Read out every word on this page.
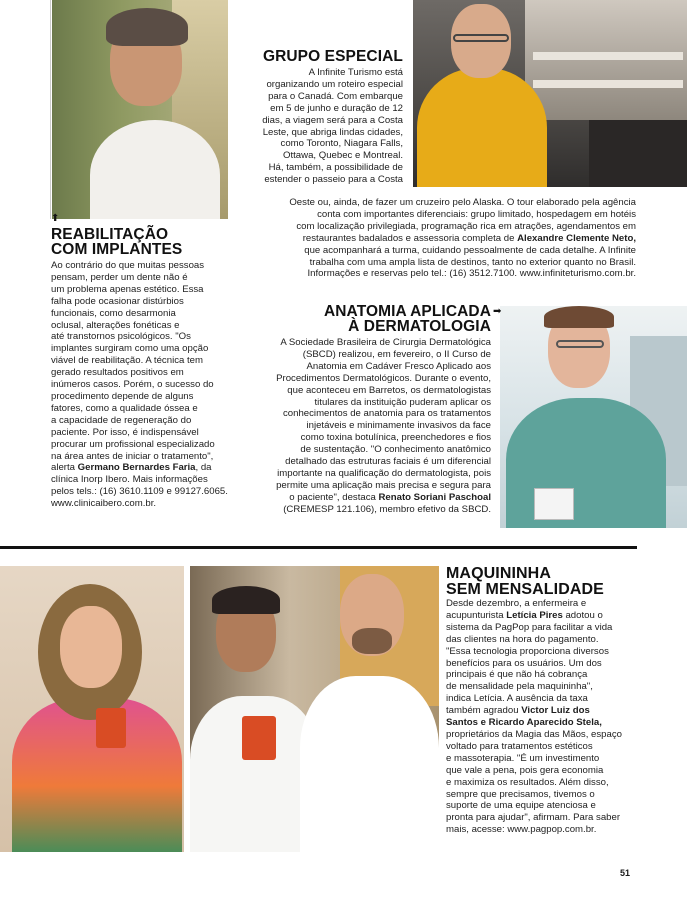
⬆
REABILITAÇÃO
COM IMPLANTES
Ao contrário do que muitas pessoas
pensam, perder um dente não é
um problema apenas estético. Essa
falha pode ocasionar distúrbios
funcionais, como desarmonia
oclusal, alterações fonéticas e
até transtornos psicológicos. "Os
implantes surgiram como uma opção
viável de reabilitação. A técnica tem
gerado resultados positivos em
inúmeros casos. Porém, o sucesso do
procedimento depende de alguns
fatores, como a qualidade óssea e
a capacidade de regeneração do
paciente. Por isso, é indispensável
procurar um profissional especializado
na área antes de iniciar o tratamento",
alerta Germano Bernardes Faria, da
clínica Inorp Ibero. Mais informações
pelos tels.: (16) 3610.1109 e 99127.6065.
www.clinicaibero.com.br.
GRUPO ESPECIAL
A Infinite Turismo está
organizando um roteiro especial
para o Canadá. Com embarque
em 5 de junho e duração de 12
dias, a viagem será para a Costa
Leste, que abriga lindas cidades,
como Toronto, Niagara Falls,
Ottawa, Quebec e Montreal.
Há, também, a possibilidade de
estender o passeio para a Costa
Oeste ou, ainda, de fazer um cruzeiro pelo Alaska. O tour elaborado pela agência
conta com importantes diferenciais: grupo limitado, hospedagem em hotéis
com localização privilegiada, programação rica em atrações, agendamentos em
restaurantes badalados e assessoria completa de Alexandre Clemente Neto,
que acompanhará a turma, cuidando pessoalmente de cada detalhe. A Infinite
trabalha com uma ampla lista de destinos, tanto no exterior quanto no Brasil.
Informações e reservas pelo tel.: (16) 3512.7100. www.infiniteturismo.com.br.
ANATOMIA APLICADA
À DERMATOLOGIA
➡
A Sociedade Brasileira de Cirurgia Dermatológica
(SBCD) realizou, em fevereiro, o II Curso de
Anatomia em Cadáver Fresco Aplicado aos
Procedimentos Dermatológicos. Durante o evento,
que aconteceu em Barretos, os dermatologistas
titulares da instituição puderam aplicar os
conhecimentos de anatomia para os tratamentos
injetáveis e minimamente invasivos da face
como toxina botulínica, preenchedores e fios
de sustentação. "O conhecimento anatômico
detalhado das estruturas faciais é um diferencial
importante na qualificação do dermatologista, pois
permite uma aplicação mais precisa e segura para
o paciente", destaca Renato Soriani Paschoal
(CREMESP 121.106), membro efetivo da SBCD.
MAQUININHA
SEM MENSALIDADE
Desde dezembro, a enfermeira e
acupunturista Letícia Pires adotou o
sistema da PagPop para facilitar a vida
das clientes na hora do pagamento.
"Essa tecnologia proporciona diversos
benefícios para os usuários. Um dos
principais é que não há cobrança
de mensalidade pela maquininha",
indica Letícia. A ausência da taxa
também agradou Victor Luiz dos
Santos e Ricardo Aparecido Stela,
proprietários da Magia das Mãos, espaço
voltado para tratamentos estéticos
e massoterapia. "É um investimento
que vale a pena, pois gera economia
e maximiza os resultados. Além disso,
sempre que precisamos, tivemos o
suporte de uma equipe atenciosa e
pronta para ajudar", afirmam. Para saber
mais, acesse: www.pagpop.com.br.
51
